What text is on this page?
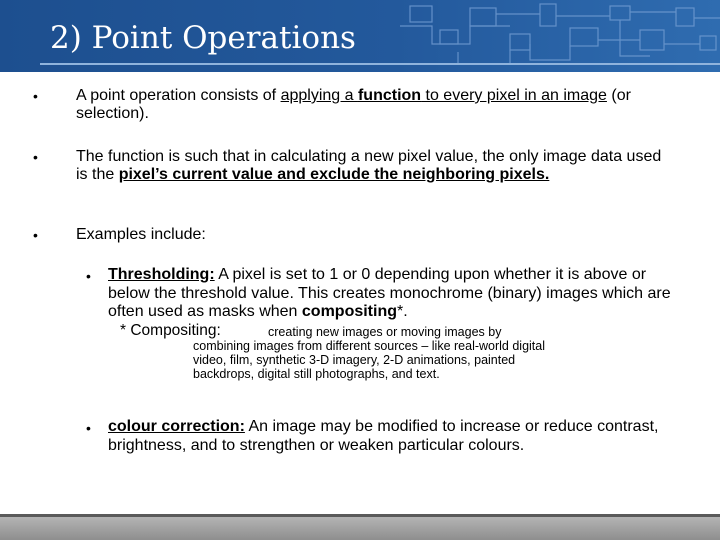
2) Point Operations
• A point operation consists of applying a function to every pixel in an image (or selection).
• The function is such that in calculating a new pixel value, the only image data used is the pixel’s current value and exclude the neighboring pixels.
• Examples include:
• Thresholding: A pixel is set to 1 or 0 depending upon whether it is above or below the threshold value. This creates monochrome (binary) images which are often used as masks when compositing*.
* Compositing:	creating new images or moving images by
combining images from different sources – like real-world digital video, film, synthetic 3-D imagery, 2-D animations, painted backdrops, digital still photographs, and text.
• colour correction: An image may be modified to increase or reduce contrast, brightness, and to strengthen or weaken particular colours.
